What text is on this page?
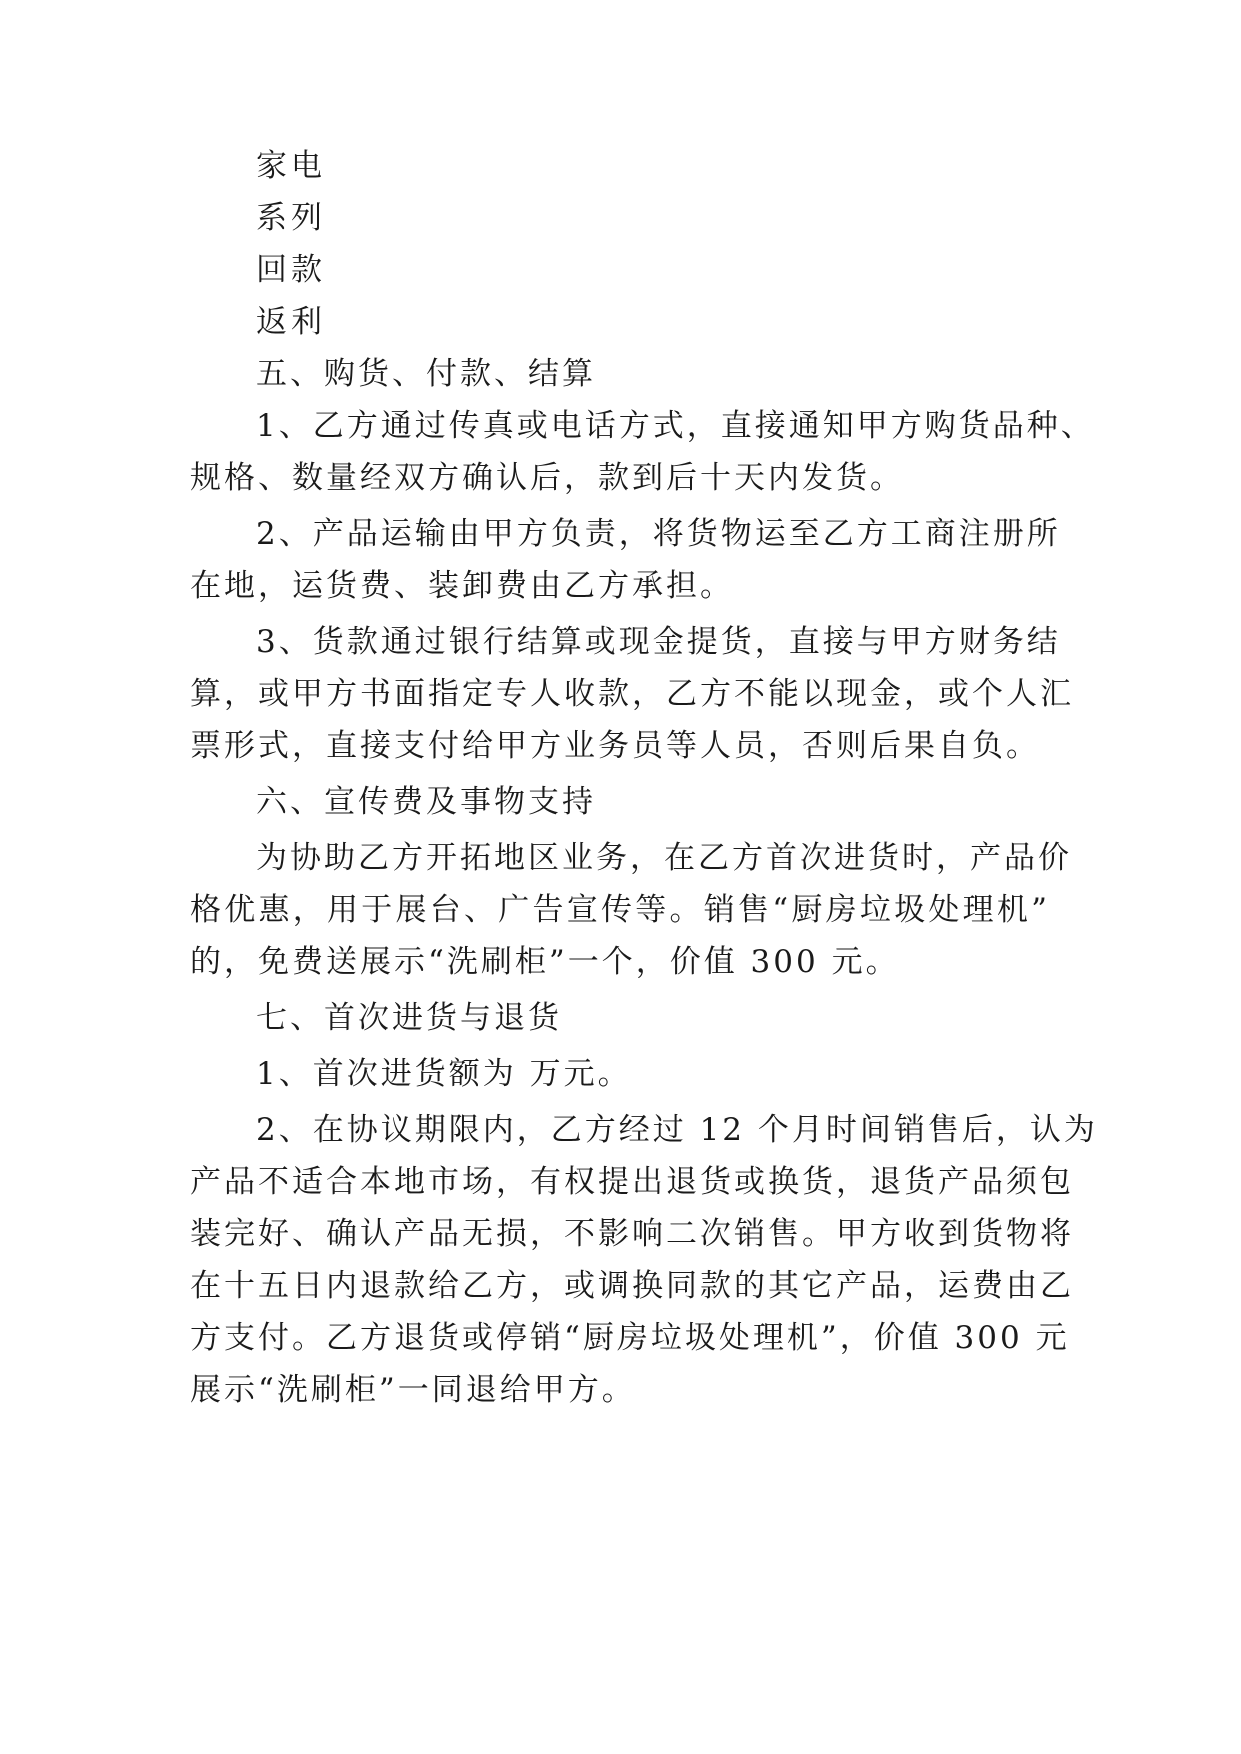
家电
系列
回款
返利
五、购货、付款、结算
1、乙方通过传真或电话方式，直接通知甲方购货品种、
规格、数量经双方确认后，款到后十天内发货。
2、产品运输由甲方负责，将货物运至乙方工商注册所
在地，运货费、装卸费由乙方承担。
3、货款通过银行结算或现金提货，直接与甲方财务结
算，或甲方书面指定专人收款，乙方不能以现金，或个人汇
票形式，直接支付给甲方业务员等人员，否则后果自负。
六、宣传费及事物支持
为协助乙方开拓地区业务，在乙方首次进货时，产品价
格优惠，用于展台、广告宣传等。销售“厨房垃圾处理机”
的，免费送展示“洗刷柜”一个，价值 300 元。
七、首次进货与退货
1、首次进货额为 万元。
2、在协议期限内，乙方经过 12 个月时间销售后，认为
产品不适合本地市场，有权提出退货或换货，退货产品须包
装完好、确认产品无损，不影响二次销售。甲方收到货物将
在十五日内退款给乙方，或调换同款的其它产品，运费由乙
方支付。乙方退货或停销“厨房垃圾处理机”，价值 300 元
展示“洗刷柜”一同退给甲方。
